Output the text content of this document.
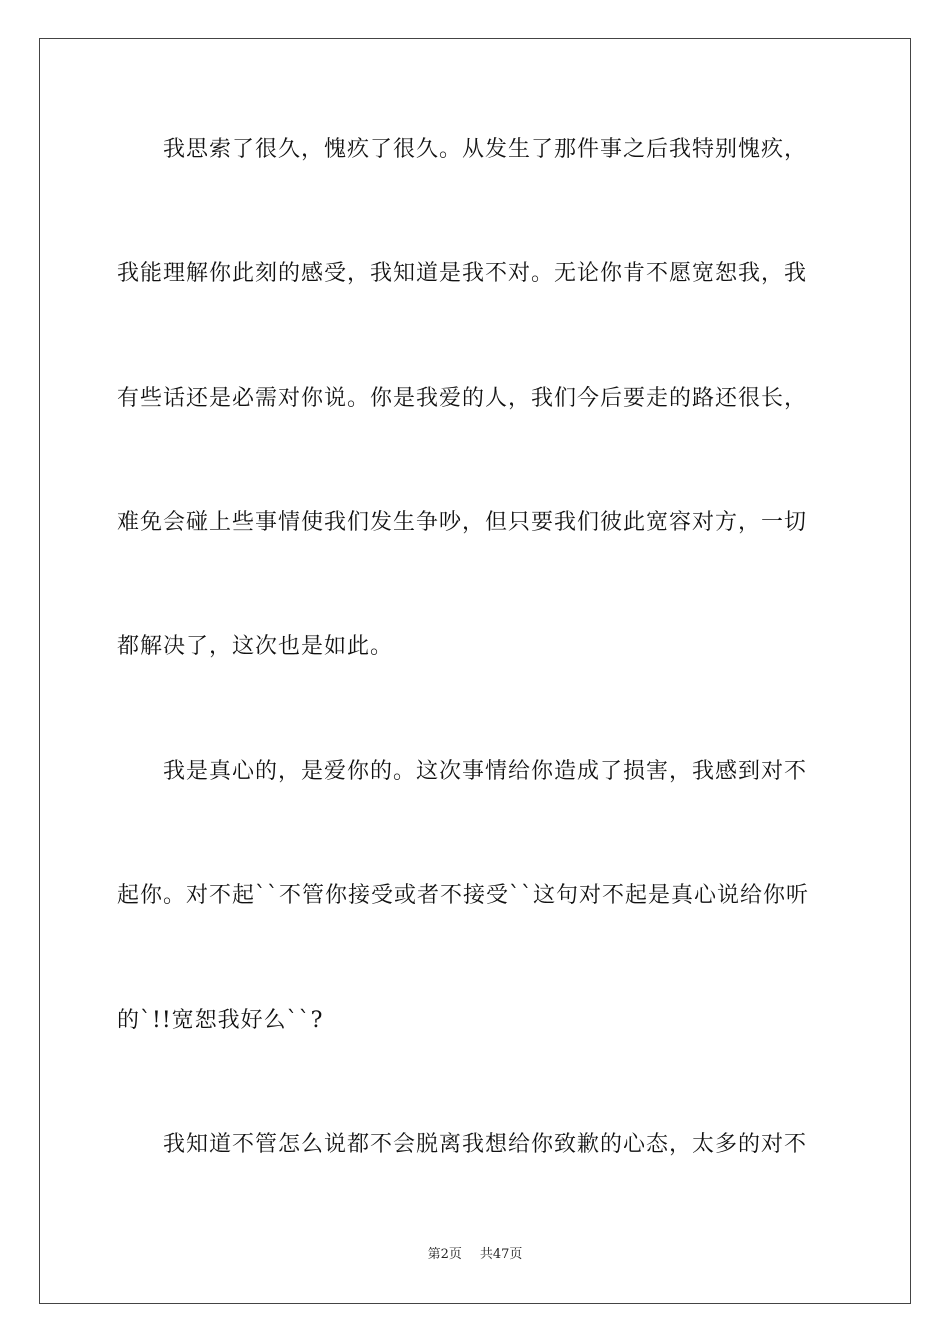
　　我思索了很久，愧疚了很久。从发生了那件事之后我特别愧疚，
我能理解你此刻的感受，我知道是我不对。无论你肯不愿宽恕我，我
有些话还是必需对你说。你是我爱的人，我们今后要走的路还很长，
难免会碰上些事情使我们发生争吵，但只要我们彼此宽容对方，一切
都解决了，这次也是如此。
　　我是真心的，是爱你的。这次事情给你造成了损害，我感到对不
起你。对不起``不管你接受或者不接受``这句对不起是真心说给你听
的`!!宽恕我好么``?
　　我知道不管怎么说都不会脱离我想给你致歉的心态，太多的对不
第2页 共47页
